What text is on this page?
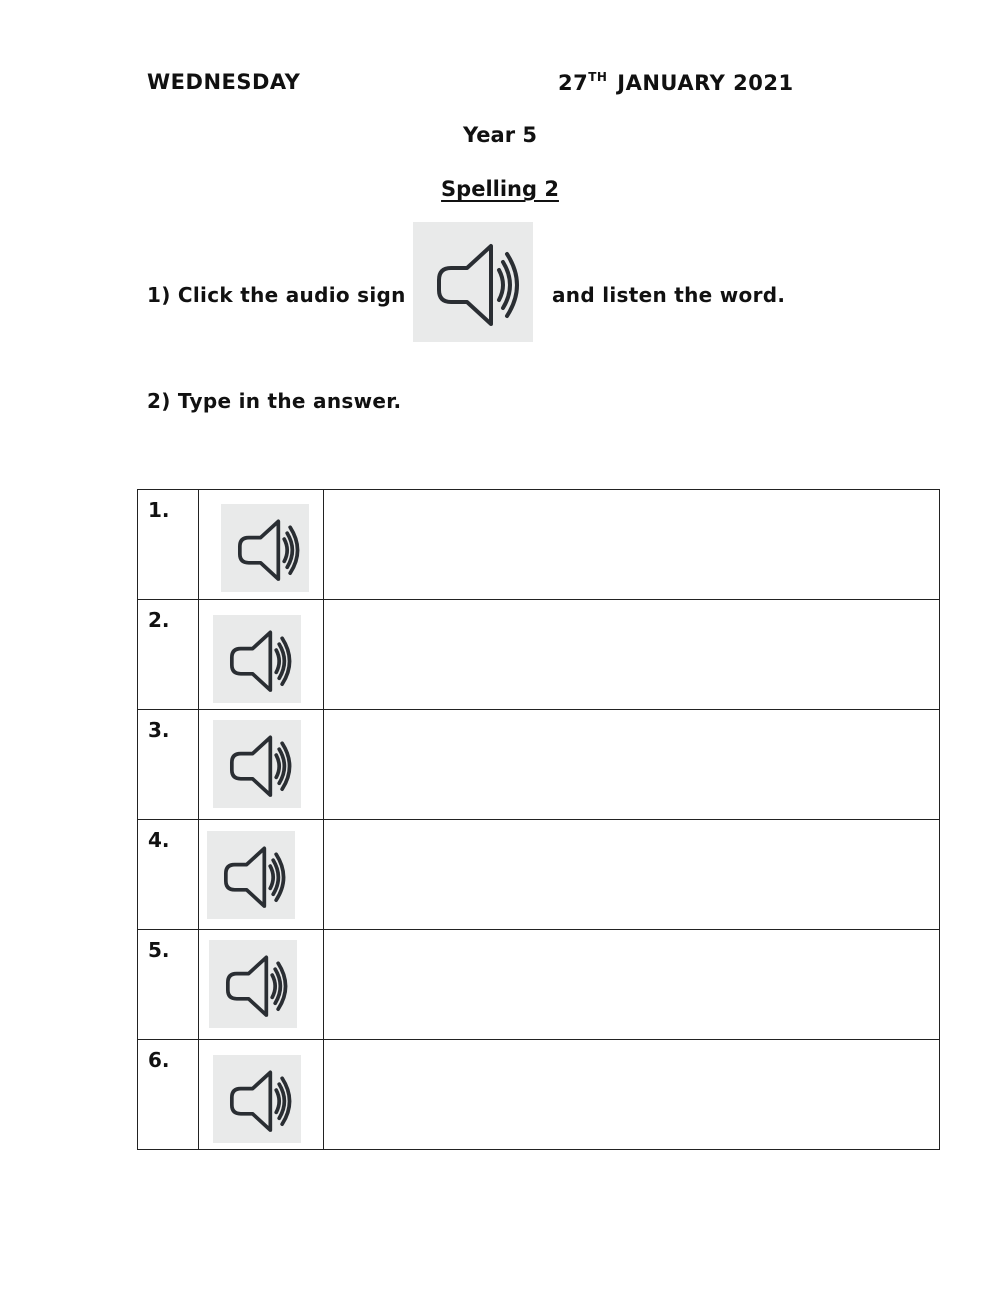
WEDNESDAY	27TH JANUARY 2021
Year 5
Spelling 2
1) Click the audio sign	and listen the word.
2) Type in the answer.
1.

2.

3.

4.

5.

6.
